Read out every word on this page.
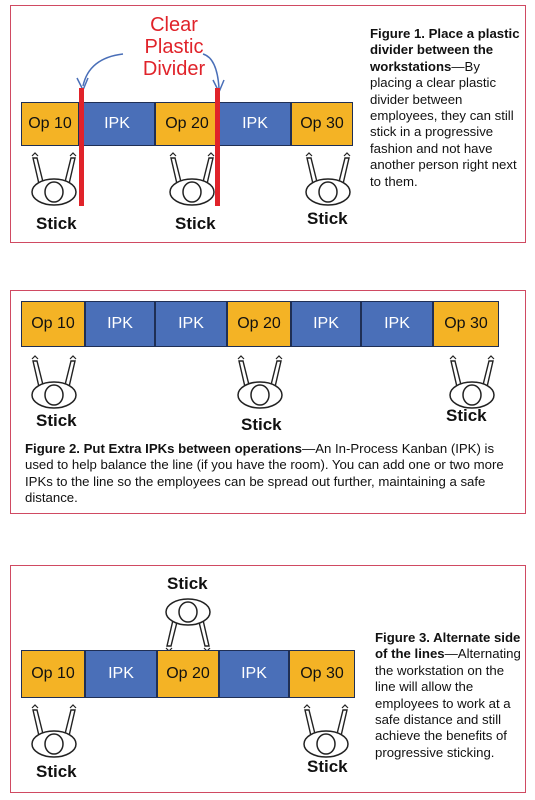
Clear
Plastic
Divider
Op 10	IPK	Op 20	IPK	Op 30
Stick	Stick	Stick
Figure 1. Place a plastic divider between the workstations—By placing a clear plastic divider between employees, they can still stick in a progressive fashion and not have another person right next to them.
Op 10	IPK	IPK	Op 20	IPK	IPK	Op 30
Stick	Stick	Stick
Figure 2. Put Extra IPKs between operations—An In-Process Kanban (IPK) is used to help balance the line (if you have the room). You can add one or two more IPKs to the line so the employees can be spread out further, maintaining a safe distance.
Stick
Op 10	IPK	Op 20	IPK	Op 30
Stick	Stick
Figure 3. Alternate side of the lines—Alternating the workstation on the line will allow the employees to work at a safe distance and still achieve the benefits of progressive sticking.
